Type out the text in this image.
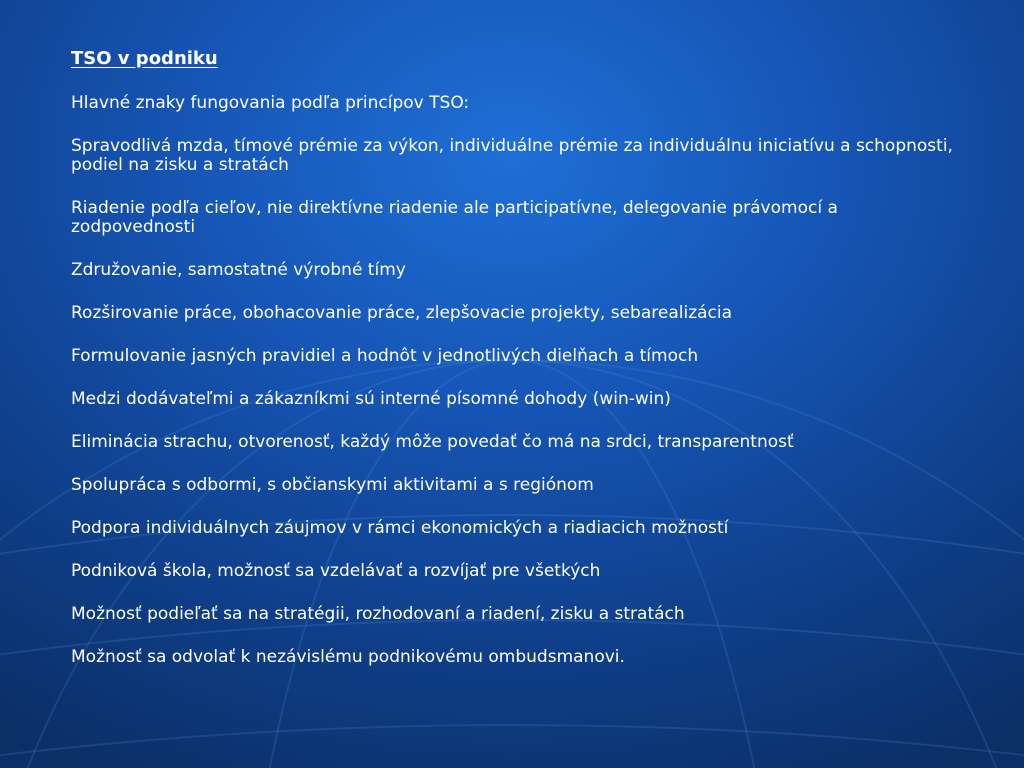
TSO v podniku
Hlavné znaky fungovania podľa princípov TSO:
Spravodlivá mzda, tímové prémie za výkon, individuálne prémie za individuálnu iniciatívu a schopnosti, podiel na zisku a stratách
Riadenie podľa cieľov, nie direktívne riadenie ale participatívne, delegovanie právomocí a zodpovednosti
Združovanie, samostatné výrobné tímy
Rozširovanie práce, obohacovanie práce, zlepšovacie projekty, sebarealizácia
Formulovanie jasných pravidiel a hodnôt v jednotlivých dielňach a tímoch
Medzi dodávateľmi a zákazníkmi sú interné písomné dohody (win-win)
Eliminácia strachu, otvorenosť, každý môže povedať čo má na srdci, transparentnosť
Spolupráca s odbormi, s občianskymi aktivitami a s regiónom
Podpora individuálnych záujmov v rámci ekonomických a riadiacich možností
Podniková škola, možnosť sa vzdelávať a rozvíjať pre všetkých
Možnosť podieľať sa na stratégii, rozhodovaní a riadení, zisku a stratách
Možnosť sa odvolať k nezávislému podnikovému ombudsmanovi.
